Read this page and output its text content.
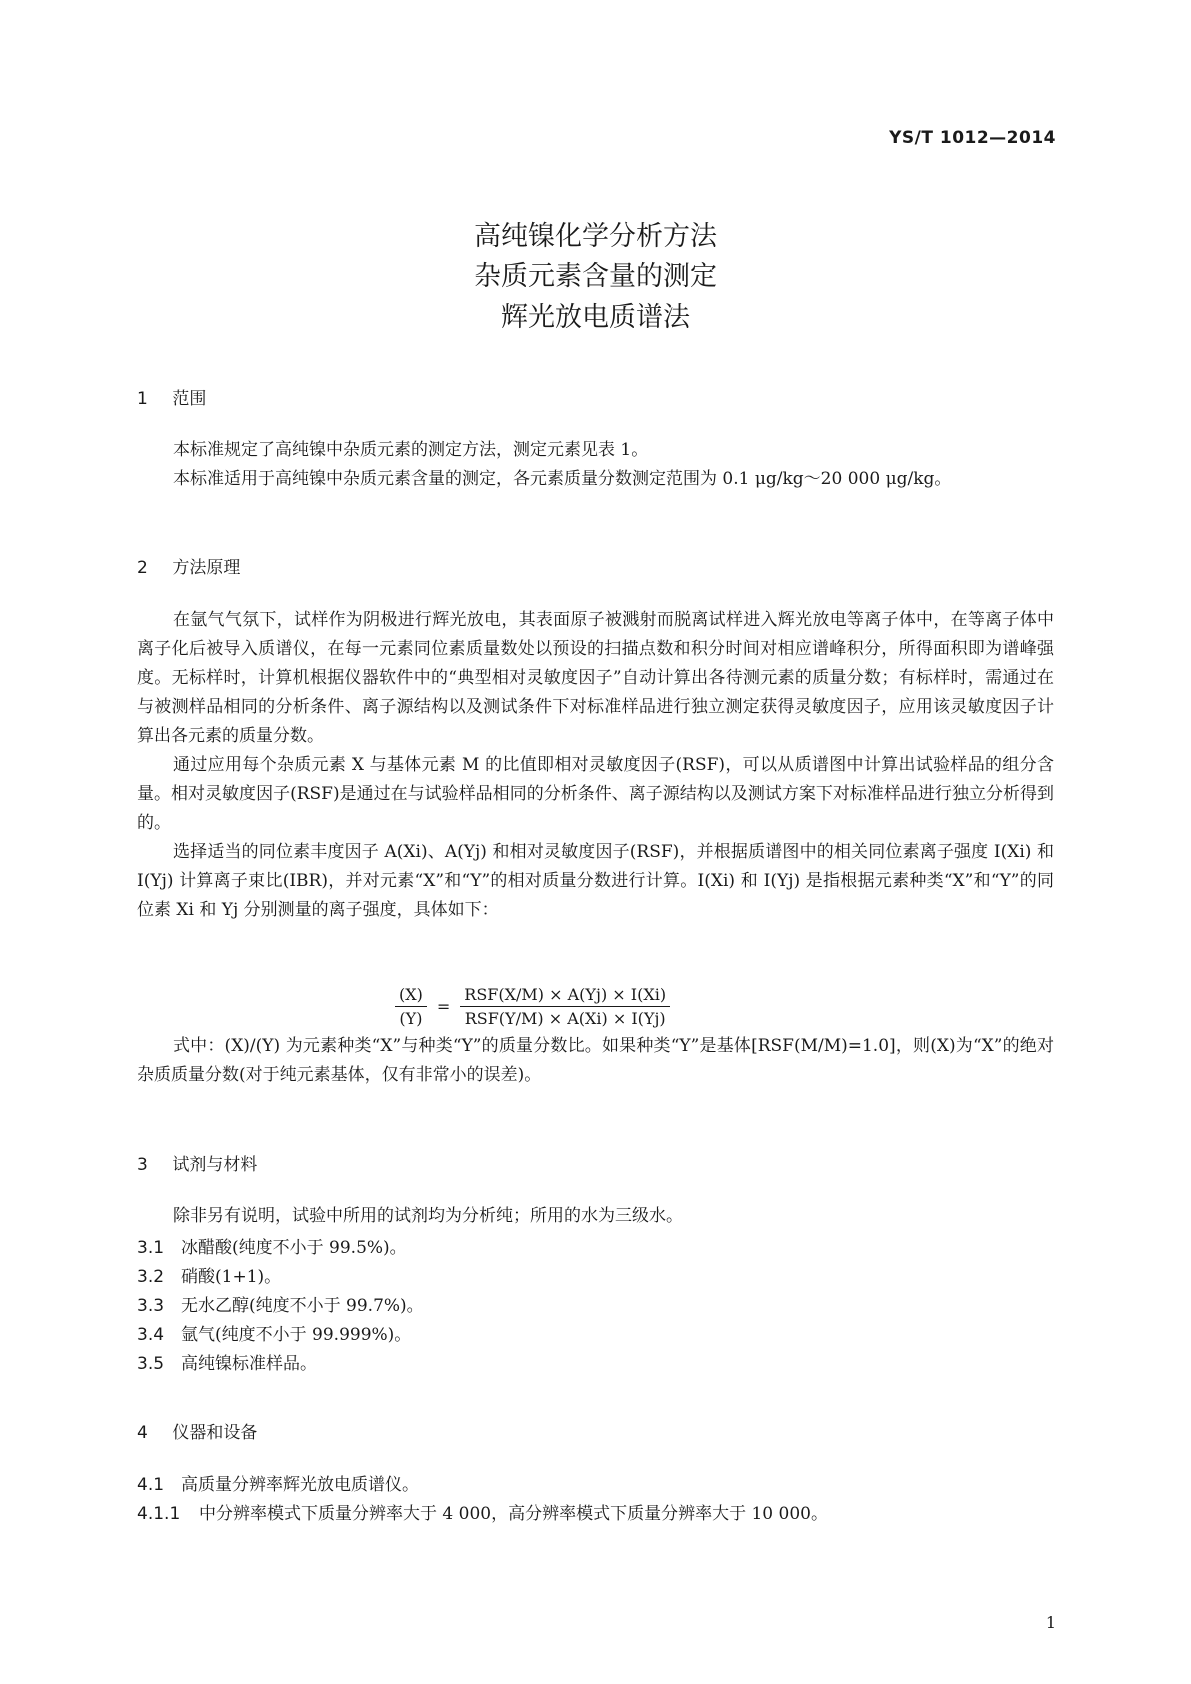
YS/T 1012—2014
高纯镍化学分析方法
杂质元素含量的测定
辉光放电质谱法
1 范围

本标准规定了高纯镍中杂质元素的测定方法，测定元素见表 1。

本标准适用于高纯镍中杂质元素含量的测定，各元素质量分数测定范围为 0.1 μg/kg～20 000 μg/kg。

2 方法原理

在氩气气氛下，试样作为阴极进行辉光放电，其表面原子被溅射而脱离试样进入辉光放电等离子体中，在等离子体中离子化后被导入质谱仪，在每一元素同位素质量数处以预设的扫描点数和积分时间对相应谱峰积分，所得面积即为谱峰强度。无标样时，计算机根据仪器软件中的“典型相对灵敏度因子”自动计算出各待测元素的质量分数；有标样时，需通过在与被测样品相同的分析条件、离子源结构以及测试条件下对标准样品进行独立测定获得灵敏度因子，应用该灵敏度因子计算出各元素的质量分数。

通过应用每个杂质元素 X 与基体元素 M 的比值即相对灵敏度因子(RSF)，可以从质谱图中计算出试验样品的组分含量。相对灵敏度因子(RSF)是通过在与试验样品相同的分析条件、离子源结构以及测试方案下对标准样品进行独立分析得到的。

选择适当的同位素丰度因子 A(Xi)、A(Yj) 和相对灵敏度因子(RSF)，并根据质谱图中的相关同位素离子强度 I(Xi) 和 I(Yj) 计算离子束比(IBR)，并对元素“X”和“Y”的相对质量分数进行计算。I(Xi) 和 I(Yj) 是指根据元素种类“X”和“Y”的同位素 Xi 和 Yj 分别测量的离子强度，具体如下：

$\frac{(X)}{(Y)} = \frac{\text{RSF(X/M) × A(Yj) × I(Xi)}}{\text{RSF(Y/M) × A(Xi) × I(Yj)}}$

式中：(X)/(Y) 为元素种类“X”与种类“Y”的质量分数比。如果种类“Y”是基体[RSF(M/M)=1.0]，则(X)为“X”的绝对杂质质量分数(对于纯元素基体，仅有非常小的误差)。

3 试剂与材料

除非另有说明，试验中所用的试剂均为分析纯；所用的水为三级水。

3.1 冰醋酸(纯度不小于 99.5%)。
3.2 硝酸(1+1)。
3.3 无水乙醇(纯度不小于 99.7%)。
3.4 氩气(纯度不小于 99.999%)。
3.5 高纯镍标准样品。
4 仪器和设备
4.1 高质量分辨率辉光放电质谱仪。
4.1.1 中分辨率模式下质量分辨率大于 4 000，高分辨率模式下质量分辨率大于 10 000。
1
